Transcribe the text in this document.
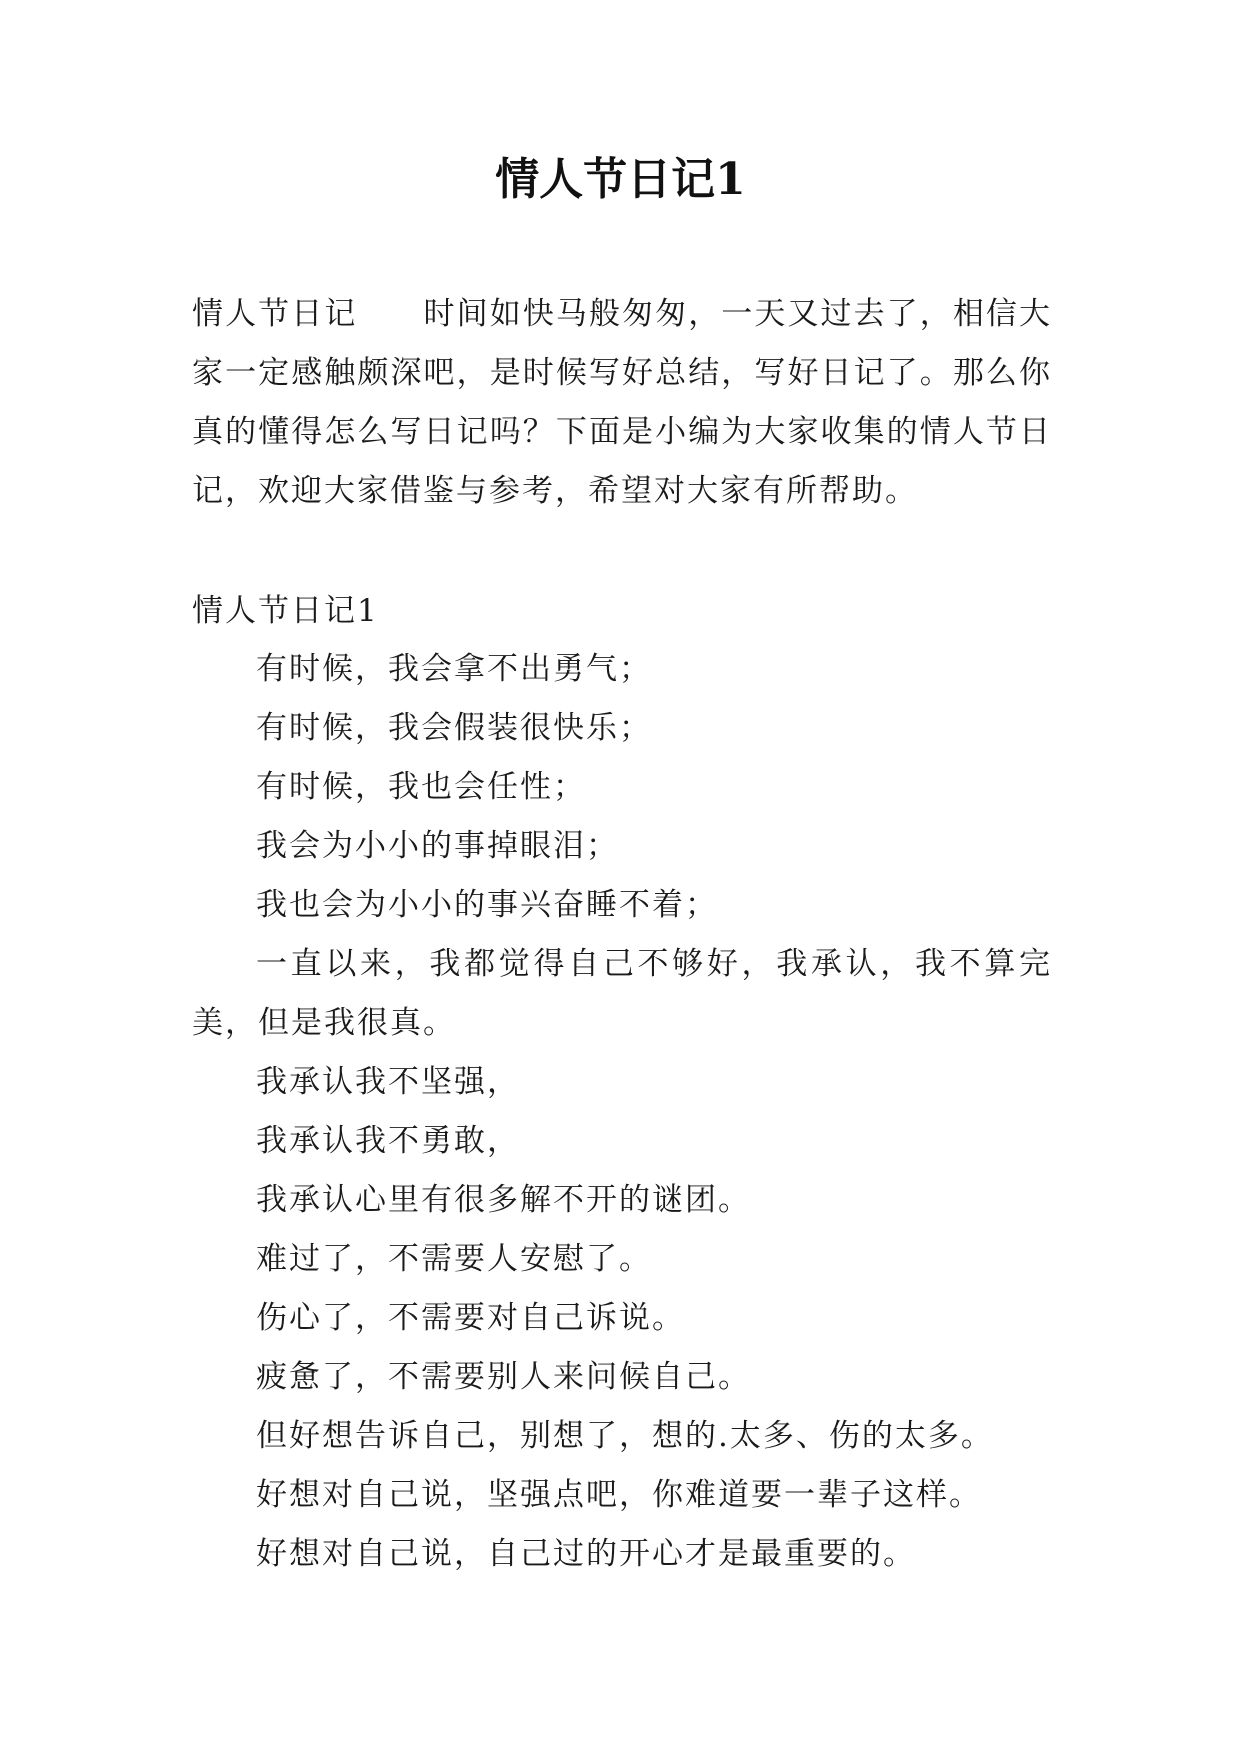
情人节日记1

情人节日记　　时间如快马般匆匆，一天又过去了，相信大家一定感触颇深吧，是时候写好总结，写好日记了。那么你真的懂得怎么写日记吗？下面是小编为大家收集的情人节日记，欢迎大家借鉴与参考，希望对大家有所帮助。

情人节日记1
有时候，我会拿不出勇气；
有时候，我会假装很快乐；
有时候，我也会任性；
我会为小小的事掉眼泪；
我也会为小小的事兴奋睡不着；
一直以来，我都觉得自己不够好，我承认，我不算完美，但是我很真。
我承认我不坚强，
我承认我不勇敢，
我承认心里有很多解不开的谜团。
难过了，不需要人安慰了。
伤心了，不需要对自己诉说。
疲惫了，不需要别人来问候自己。
但好想告诉自己，别想了，想的.太多、伤的太多。
好想对自己说，坚强点吧，你难道要一辈子这样。
好想对自己说，自己过的开心才是最重要的。
